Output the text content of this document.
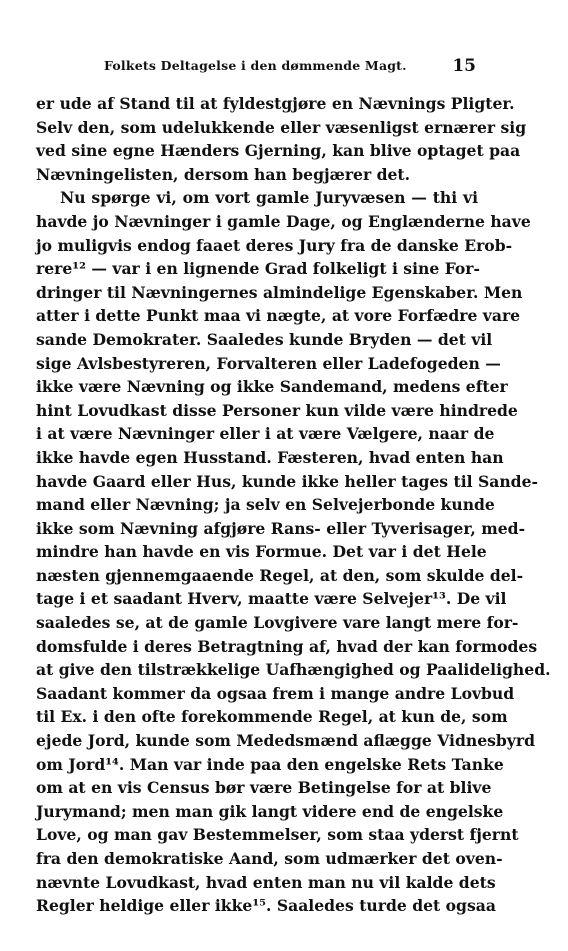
Folkets Deltagelse i den dømmende Magt.	15
er ude af Stand til at fyldestgjøre en Nævnings Pligter.
Selv den, som udelukkende eller væsenligst ernærer sig
ved sine egne Hænders Gjerning, kan blive optaget paa
Nævningelisten, dersom han begjærer det.
Nu spørge vi, om vort gamle Juryvæsen — thi vi
havde jo Nævninger i gamle Dage, og Englænderne have
jo muligvis endog faaet deres Jury fra de danske Erob-
rere¹² — var i en lignende Grad folkeligt i sine For-
dringer til Nævningernes almindelige Egenskaber. Men
atter i dette Punkt maa vi nægte, at vore Forfædre vare
sande Demokrater. Saaledes kunde Bryden — det vil
sige Avlsbestyreren, Forvalteren eller Ladefogeden —
ikke være Nævning og ikke Sandemand, medens efter
hint Lovudkast disse Personer kun vilde være hindrede
i at være Nævninger eller i at være Vælgere, naar de
ikke havde egen Husstand. Fæsteren, hvad enten han
havde Gaard eller Hus, kunde ikke heller tages til Sande-
mand eller Nævning; ja selv en Selvejerbonde kunde
ikke som Nævning afgjøre Rans- eller Tyverisager, med-
mindre han havde en vis Formue. Det var i det Hele
næsten gjennemgaaende Regel, at den, som skulde del-
tage i et saadant Hverv, maatte være Selvejer¹³. De vil
saaledes se, at de gamle Lovgivere vare langt mere for-
domsfulde i deres Betragtning af, hvad der kan formodes
at give den tilstrækkelige Uafhængighed og Paalidelighed.
Saadant kommer da ogsaa frem i mange andre Lovbud
til Ex. i den ofte forekommende Regel, at kun de, som
ejede Jord, kunde som Mededsmænd aflægge Vidnesbyrd
om Jord¹⁴. Man var inde paa den engelske Rets Tanke
om at en vis Census bør være Betingelse for at blive
Jurymand; men man gik langt videre end de engelske
Love, og man gav Bestemmelser, som staa yderst fjernt
fra den demokratiske Aand, som udmærker det oven-
nævnte Lovudkast, hvad enten man nu vil kalde dets
Regler heldige eller ikke¹⁵. Saaledes turde det ogsaa
